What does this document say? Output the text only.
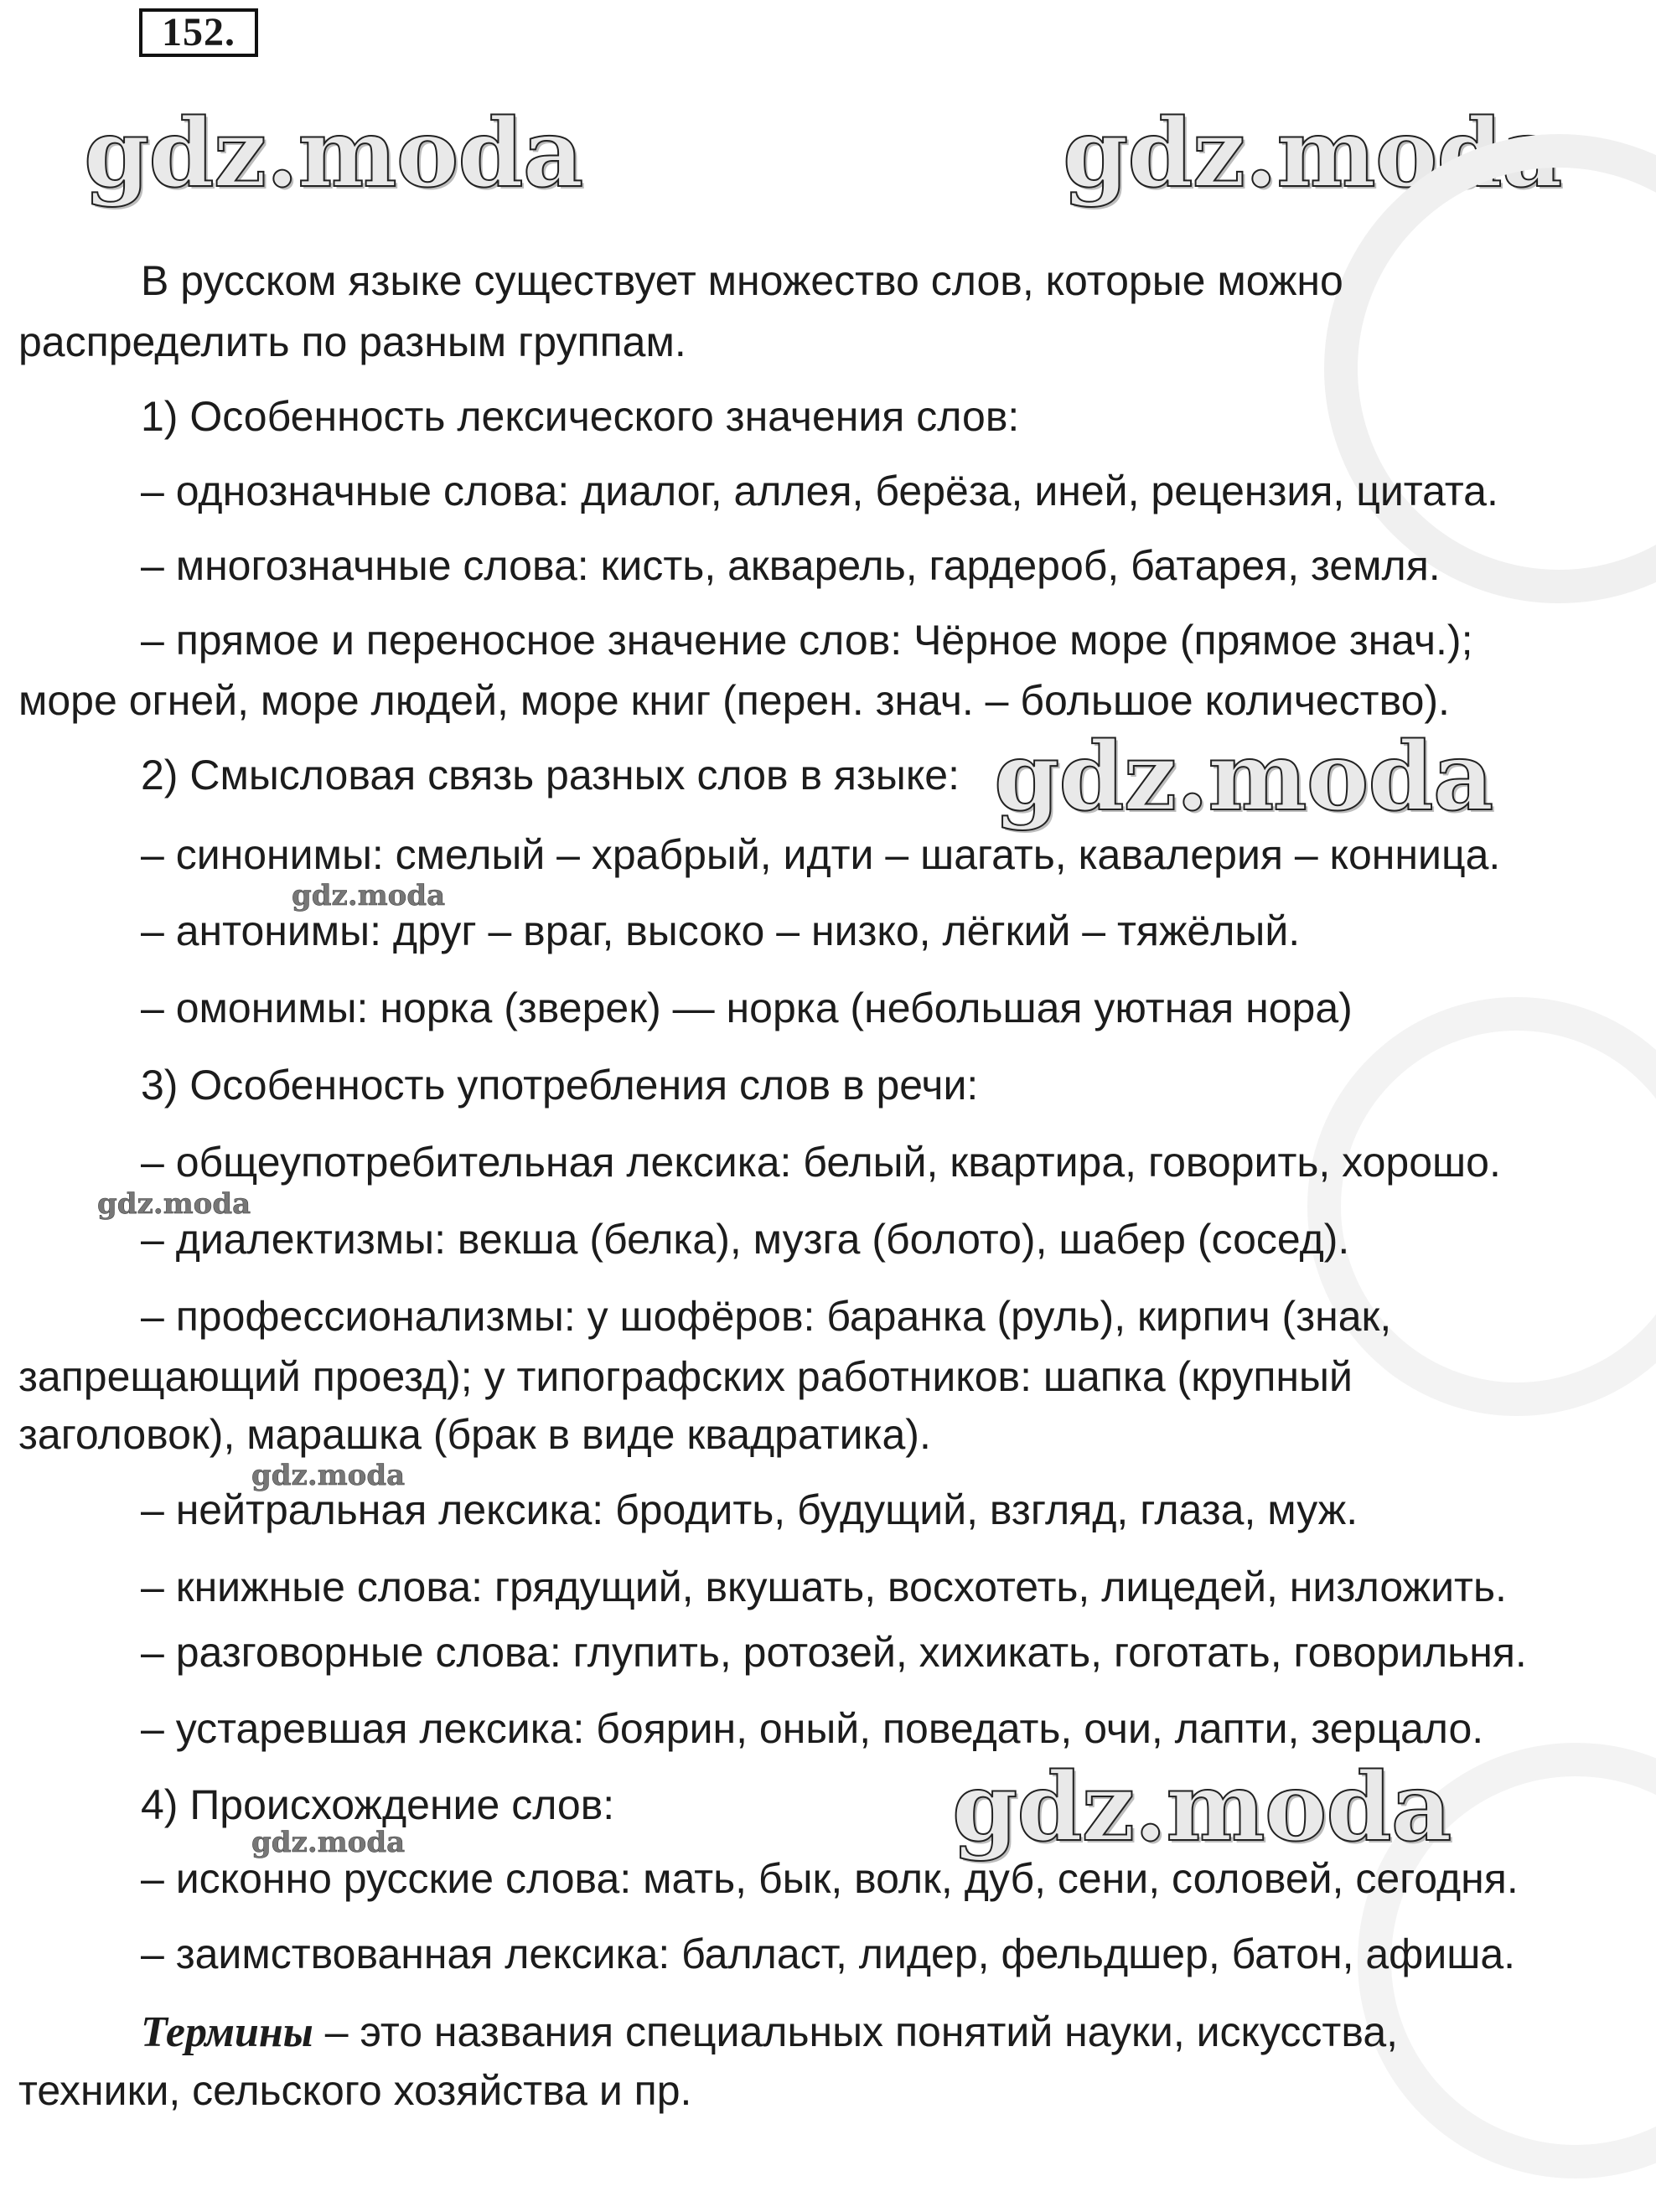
152.
gdz.moda	gdz.moda
В русском языке существует множество слов, которые можно
распределить по разным группам.
1) Особенность лексического значения слов:
– однозначные слова: диалог, аллея, берёза, иней, рецензия, цитата.
– многозначные слова: кисть, акварель, гардероб, батарея, земля.
– прямое и переносное значение слов: Чёрное море (прямое знач.);
море огней, море людей, море книг (перен. знач. – большое количество).
2) Смысловая связь разных слов в языке: gdz.moda
– синонимы: смелый – храбрый, идти – шагать, кавалерия – конница.
gdz.moda
– антонимы: друг – враг, высоко – низко, лёгкий – тяжёлый.
– омонимы: норка (зверек) — норка (небольшая уютная нора)
3) Особенность употребления слов в речи:
– общеупотребительная лексика: белый, квартира, говорить, хорошо.
gdz.moda
– диалектизмы: векша (белка), музга (болото), шабер (сосед).
– профессионализмы: у шофёров: баранка (руль), кирпич (знак,
запрещающий проезд); у типографских работников: шапка (крупный
заголовок), марашка (брак в виде квадратика).
gdz.moda
– нейтральная лексика: бродить, будущий, взгляд, глаза, муж.
– книжные слова: грядущий, вкушать, восхотеть, лицедей, низложить.
– разговорные слова: глупить, ротозей, хихикать, гоготать, говорильня.
– устаревшая лексика: боярин, оный, поведать, очи, лапти, зерцало.
4) Происхождение слов:	gdz.moda
gdz.moda
– исконно русские слова: мать, бык, волк, дуб, сени, соловей, сегодня.
– заимствованная лексика: балласт, лидер, фельдшер, батон, афиша.
Термины – это названия специальных понятий науки, искусства,
техники, сельского хозяйства и пр.
